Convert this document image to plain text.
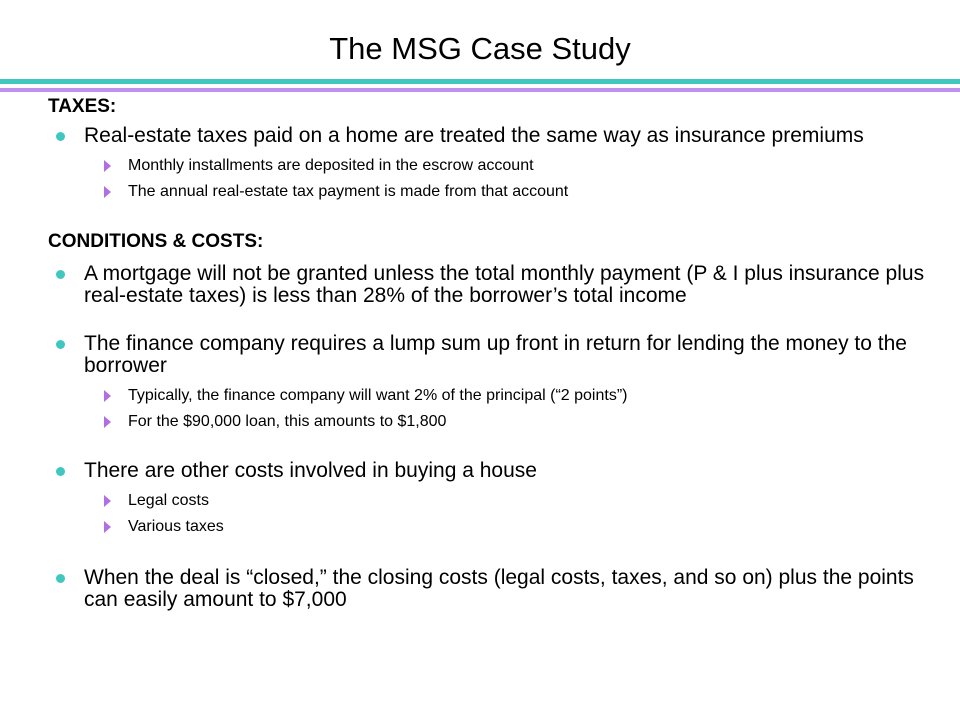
The MSG Case Study
TAXES:
Real-estate taxes paid on a home are treated the same way as insurance premiums
Monthly installments are deposited in the escrow account
The annual real-estate tax payment is made from that account
CONDITIONS & COSTS:
A mortgage will not be granted unless the total monthly payment (P & I plus insurance plus real-estate taxes) is less than 28% of the borrower’s total income
The finance company requires a lump sum up front in return for lending the money to the borrower
Typically, the finance company will want 2% of the principal (“2 points”)
For the $90,000 loan, this amounts to $1,800
There are other costs involved in buying a house
Legal costs
Various taxes
When the deal is “closed,” the closing costs (legal costs, taxes, and so on) plus the points can easily amount to $7,000
